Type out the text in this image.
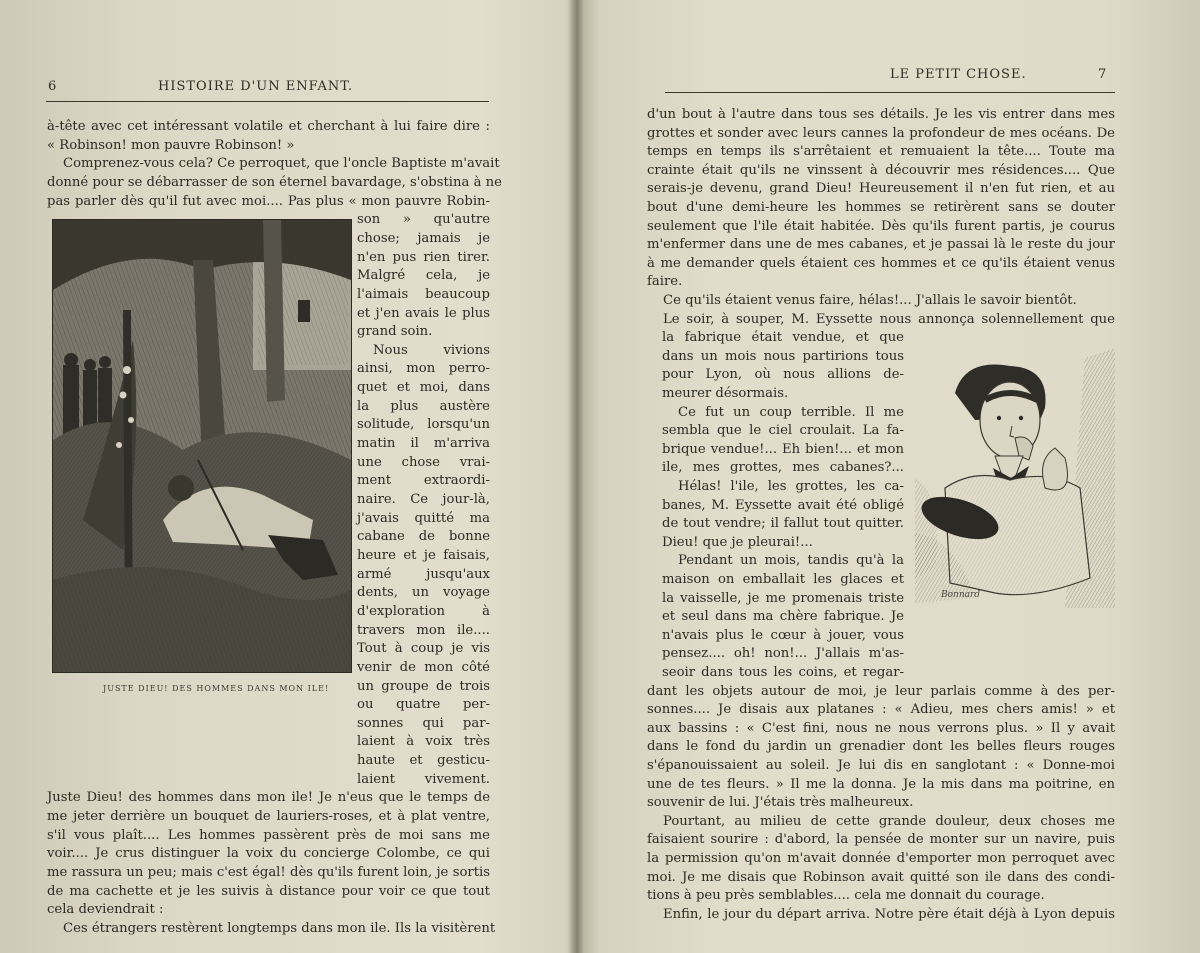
6	HISTOIRE D'UN ENFANT.
à-tête avec cet intéressant volatile et cherchant à lui faire dire :
« Robinson! mon pauvre Robinson! »
Comprenez-vous cela? Ce perroquet, que l'oncle Baptiste m'avait
donné pour se débarrasser de son éternel bavardage, s'obstina à ne
pas parler dès qu'il fut avec moi.... Pas plus « mon pauvre Robin-
son » qu'autre
chose; jamais je
n'en pus rien tirer.
Malgré cela, je
l'aimais beaucoup
et j'en avais le plus
grand soin.
Nous vivions
ainsi, mon perro-
quet et moi, dans
la plus austère
solitude, lorsqu'un
matin il m'arriva
une chose vrai-
ment extraordi-
naire. Ce jour-là,
j'avais quitté ma
cabane de bonne
heure et je faisais,
armé jusqu'aux
dents, un voyage
d'exploration à
travers mon ile....
Tout à coup je vis
venir de mon côté
un groupe de trois
ou quatre per-
sonnes qui par-
laient à voix très
haute et gesticu-
laient vivement.
Juste Dieu! des hommes dans mon ile! Je n'eus que le temps de
me jeter derrière un bouquet de lauriers-roses, et à plat ventre,
s'il vous plaît.... Les hommes passèrent près de moi sans me
voir.... Je crus distinguer la voix du concierge Colombe, ce qui
me rassura un peu; mais c'est égal! dès qu'ils furent loin, je sortis
de ma cachette et je les suivis à distance pour voir ce que tout
cela deviendrait :
Ces étrangers restèrent longtemps dans mon ile. Ils la visitèrent
JUSTE DIEU! DES HOMMES DANS MON ILE!
LE PETIT CHOSE.	7
d'un bout à l'autre dans tous ses détails. Je les vis entrer dans mes
grottes et sonder avec leurs cannes la profondeur de mes océans. De
temps en temps ils s'arrêtaient et remuaient la tête.... Toute ma
crainte était qu'ils ne vinssent à découvrir mes résidences.... Que
serais-je devenu, grand Dieu! Heureusement il n'en fut rien, et au
bout d'une demi-heure les hommes se retirèrent sans se douter
seulement que l'ile était habitée. Dès qu'ils furent partis, je courus
m'enfermer dans une de mes cabanes, et je passai là le reste du jour
à me demander quels étaient ces hommes et ce qu'ils étaient venus
faire.
Ce qu'ils étaient venus faire, hélas!... J'allais le savoir bientôt.
Le soir, à souper, M. Eyssette nous annonça solennellement que
la fabrique était vendue, et que
dans un mois nous partirions tous
pour Lyon, où nous allions de-
meurer désormais.
Ce fut un coup terrible. Il me
sembla que le ciel croulait. La fa-
brique vendue!... Eh bien!... et mon
ile, mes grottes, mes cabanes?...
Hélas! l'ile, les grottes, les ca-
banes, M. Eyssette avait été obligé
de tout vendre; il fallut tout quitter.
Dieu! que je pleurai!...
Pendant un mois, tandis qu'à la
maison on emballait les glaces et
la vaisselle, je me promenais triste
et seul dans ma chère fabrique. Je
n'avais plus le cœur à jouer, vous
pensez.... oh! non!... J'allais m'as-
seoir dans tous les coins, et regar-
dant les objets autour de moi, je leur parlais comme à des per-
sonnes.... Je disais aux platanes : « Adieu, mes chers amis! » et
aux bassins : « C'est fini, nous ne nous verrons plus. » Il y avait
dans le fond du jardin un grenadier dont les belles fleurs rouges
s'épanouissaient au soleil. Je lui dis en sanglotant : « Donne-moi
une de tes fleurs. » Il me la donna. Je la mis dans ma poitrine, en
souvenir de lui. J'étais très malheureux.
Pourtant, au milieu de cette grande douleur, deux choses me
faisaient sourire : d'abord, la pensée de monter sur un navire, puis
la permission qu'on m'avait donnée d'emporter mon perroquet avec
moi. Je me disais que Robinson avait quitté son ile dans des condi-
tions à peu près semblables.... cela me donnait du courage.
Enfin, le jour du départ arriva. Notre père était déjà à Lyon depuis
Bonnard
